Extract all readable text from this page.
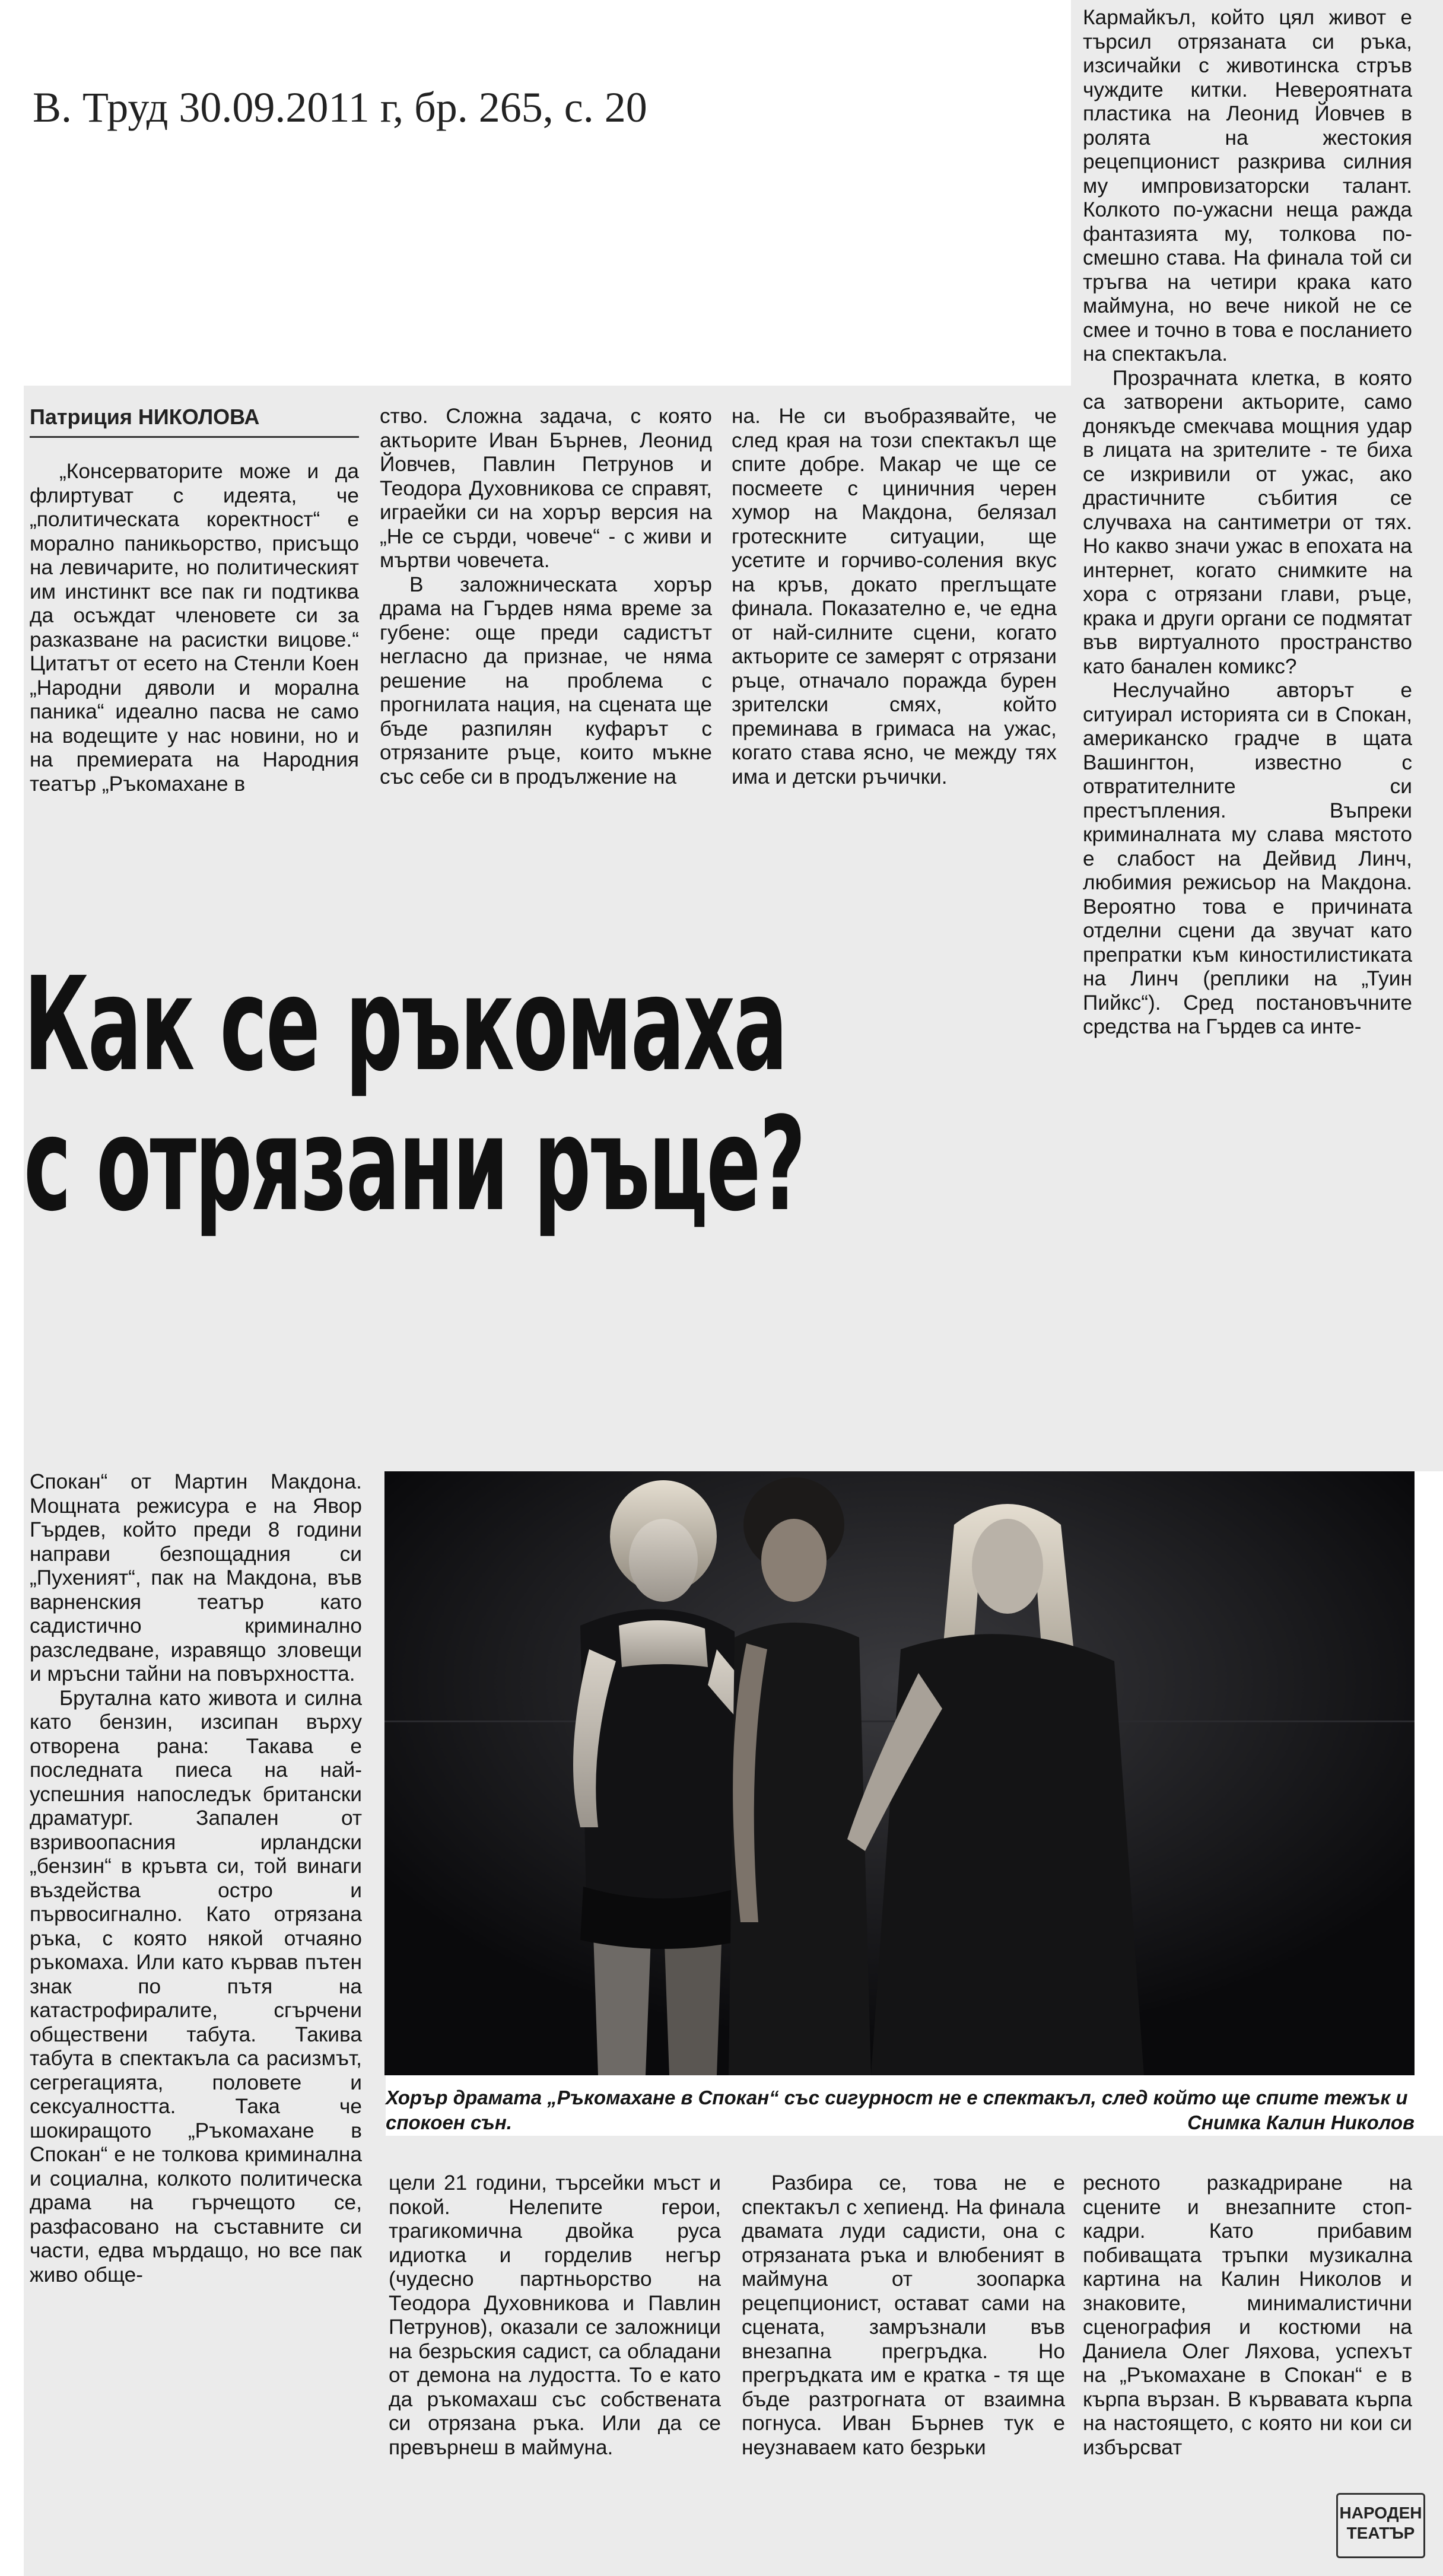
В. Труд 30.09.2011 г, бр. 265, с. 20
Патриция НИКОЛОВА

„Консерваторите може и да флиртуват с идеята, че „политическата коректност“ е морално паникьорство, присъщо на левичарите, но политическият им инстинкт все пак ги подтиква да осъждат членовете си за разказване на расистки вицове.“ Цитатът от есето на Стенли Коен „Народни дяволи и морална паника“ идеално пасва не само на водещите у нас новини, но и на премиерата на Народния театър „Ръкомахане в

ство. Сложна задача, с която актьорите Иван Бърнев, Леонид Йовчев, Павлин Петрунов и Теодора Духовникова се справят, играейки си на хорър версия на „Не се сърди, човече“ - с живи и мъртви човечета.

В заложническата хорър драма на Гърдев няма време за губене: още преди садистът негласно да признае, че няма решение на проблема с прогнилата нация, на сцената ще бъде разпилян куфарът с отрязаните ръце, които мъкне със себе си в продължение на

на. Не си въобразявайте, че след края на този спектакъл ще спите добре. Макар че ще се посмеете с циничния черен хумор на Макдона, белязал гротескните ситуации, ще усетите и горчиво-соления вкус на кръв, докато преглъщате финала. Показателно е, че една от най-силните сцени, когато актьорите се замерят с отрязани ръце, отначало поражда бурен зрителски смях, който преминава в гримаса на ужас, когато става ясно, че между тях има и детски ръчички.

Кармайкъл, който цял живот е търсил отрязаната си ръка, изсичайки с животинска стръв чуждите китки. Невероятната пластика на Леонид Йовчев в ролята на жестокия рецепционист разкрива силния му импровизаторски талант. Колкото по-ужасни неща ражда фантазията му, толкова по-смешно става. На финала той си тръгва на четири крака като маймуна, но вече никой не се смее и точно в това е посланието на спектакъла.

Прозрачната клетка, в която са затворени актьорите, само донякъде смекчава мощния удар в лицата на зрителите - те биха се изкривили от ужас, ако драстичните събития се случваха на сантиметри от тях. Но какво значи ужас в епохата на интернет, когато снимките на хора с отрязани глави, ръце, крака и други органи се подмятат във виртуалното пространство като банален комикс?

Неслучайно авторът е ситуирал историята си в Спокан, американско градче в щата Вашингтон, известно с отвратителните си престъпления. Въпреки криминалната му слава мястото е слабост на Дейвид Линч, любимия режисьор на Макдона. Вероятно това е причината отделни сцени да звучат като препратки към киностилистиката на Линч (реплики на „Туин Пийкс“). Сред постановъчните средства на Гърдев са инте-

Как се ръкомаха
с отрязани ръце?

Спокан“ от Мартин Макдона. Мощната режисура е на Явор Гърдев, който преди 8 години направи безпощадния си „Пухеният“, пак на Макдона, във варненския театър като садистично криминално разследване, изравящо зловещи и мръсни тайни на повърхността.

Брутална като живота и силна като бензин, изсипан върху отворена рана: Такава е последната пиеса на най-успешния напоследък британски драматург. Запален от взривоопасния ирландски „бензин“ в кръвта си, той винаги въздейства остро и първосигнално. Като отрязана ръка, с която някой отчаяно ръкомаха. Или като кървав пътен знак по пътя на катастрофиралите, сгърчени обществени табута. Такива табута в спектакъла са расизмът, сегрегацията, половете и сексуалността. Така че шокиращото „Ръкомахане в Спокан“ е не толкова криминална и социална, колкото политическа драма на гърчещото се, разфасовано на съставните си части, едва мърдащо, но все пак живо обще-

Хорър драмата „Ръкомахане в Спокан“ със сигурност не е спектакъл, след който ще спите тежък и спокоен сън.	Снимка Калин Николов

цели 21 години, търсейки мъст и покой. Нелепите герои, трагикомична двойка руса идиотка и горделив негър (чудесно партньорство на Теодора Духовникова и Павлин Петрунов), оказали се заложници на безрьския садист, са обладани от демона на лудостта. То е като да ръкомахаш със собствената си отрязана ръка. Или да се превърнеш в маймуна.

Разбира се, това не е спектакъл с хепиенд. На финала двамата луди садисти, она с отрязаната ръка и влюбеният в маймуна от зоопарка рецепционист, остават сами на сцената, замръзнали във внезапна прегръдка. Но прегръдката им е кратка - тя ще бъде разтрогната от взаимна погнуса. Иван Бърнев тук е неузнаваем като безрьки

ресното разкадриране на сцените и внезапните стоп-кадри. Като прибавим побиващата тръпки музикална картина на Калин Николов и знаковите, минималистични сценография и костюми на Даниела Олег Ляхова, успехът на „Ръкомахане в Спокан“ е в кърпа вързан. В кървавата кърпа на настоящето, с която ни кои си избърсват

НАРОДЕН ТЕАТЪР
